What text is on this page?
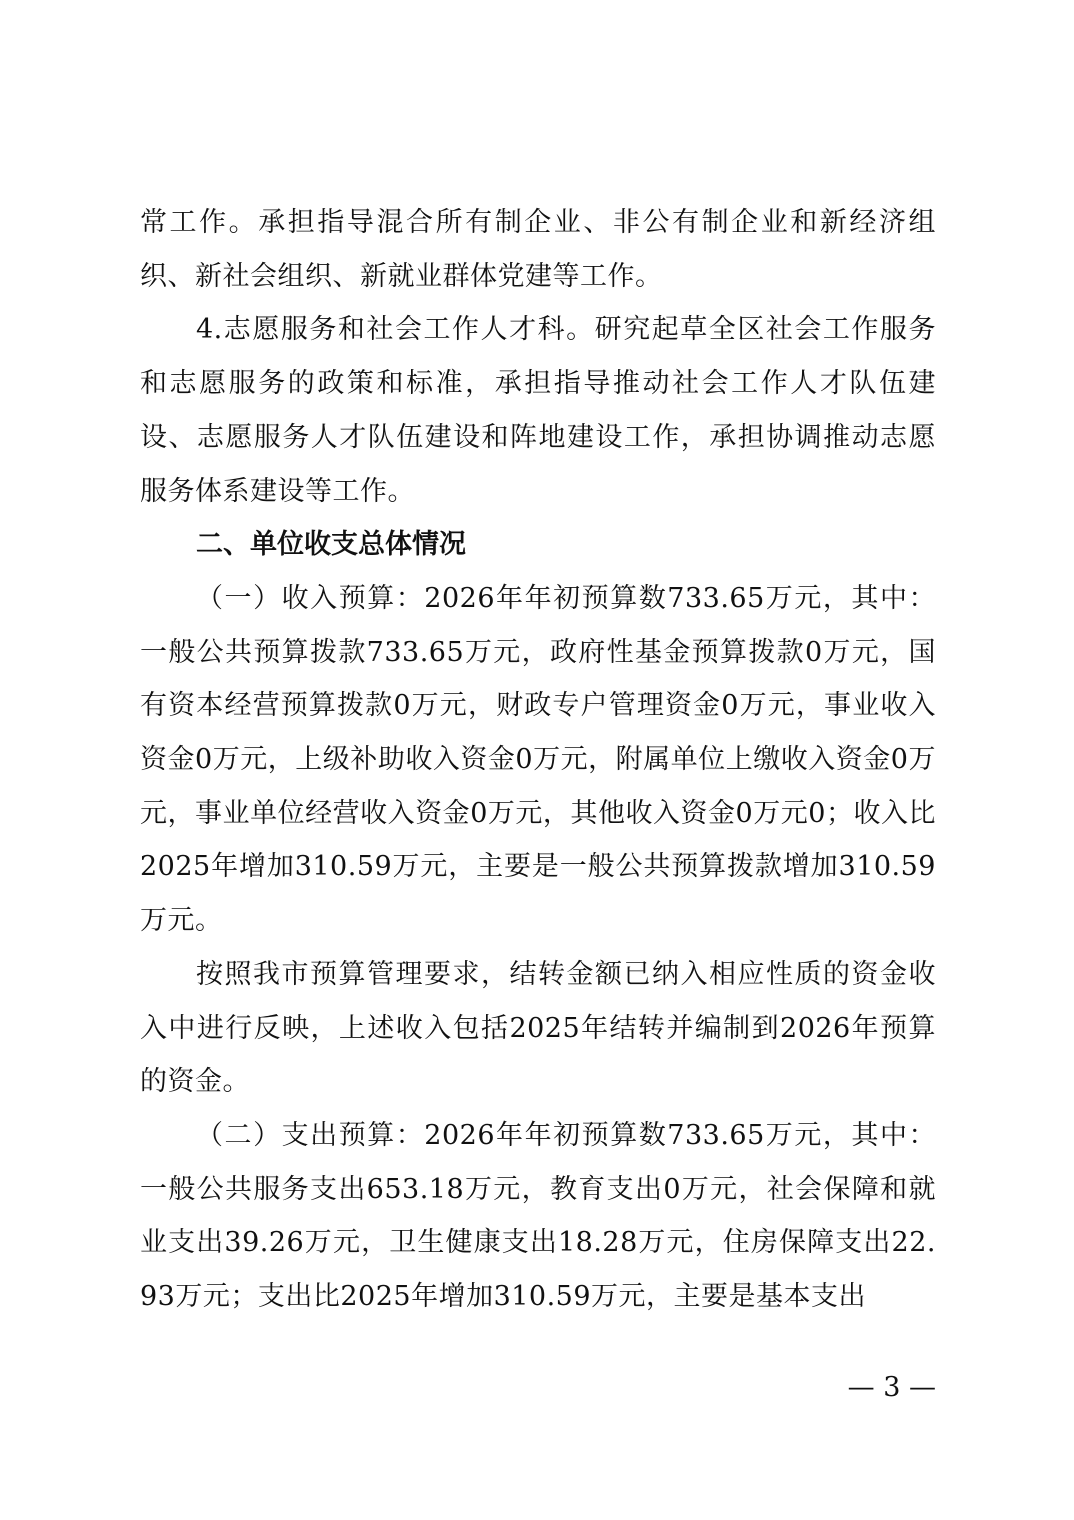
常工作。承担指导混合所有制企业、非公有制企业和新经济组织、新社会组织、新就业群体党建等工作。

4.志愿服务和社会工作人才科。研究起草全区社会工作服务和志愿服务的政策和标准，承担指导推动社会工作人才队伍建设、志愿服务人才队伍建设和阵地建设工作，承担协调推动志愿服务体系建设等工作。

二、单位收支总体情况

（一）收入预算：2026年年初预算数733.65万元，其中：一般公共预算拨款733.65万元，政府性基金预算拨款0万元，国有资本经营预算拨款0万元，财政专户管理资金0万元，事业收入资金0万元，上级补助收入资金0万元，附属单位上缴收入资金0万元，事业单位经营收入资金0万元，其他收入资金0万元0；收入比2025年增加310.59万元，主要是一般公共预算拨款增加310.59万元。

按照我市预算管理要求，结转金额已纳入相应性质的资金收入中进行反映，上述收入包括2025年结转并编制到2026年预算的资金。

（二）支出预算：2026年年初预算数733.65万元，其中：一般公共服务支出653.18万元，教育支出0万元，社会保障和就业支出39.26万元，卫生健康支出18.28万元，住房保障支出22.93万元；支出比2025年增加310.59万元，主要是基本支出

— 3 —
